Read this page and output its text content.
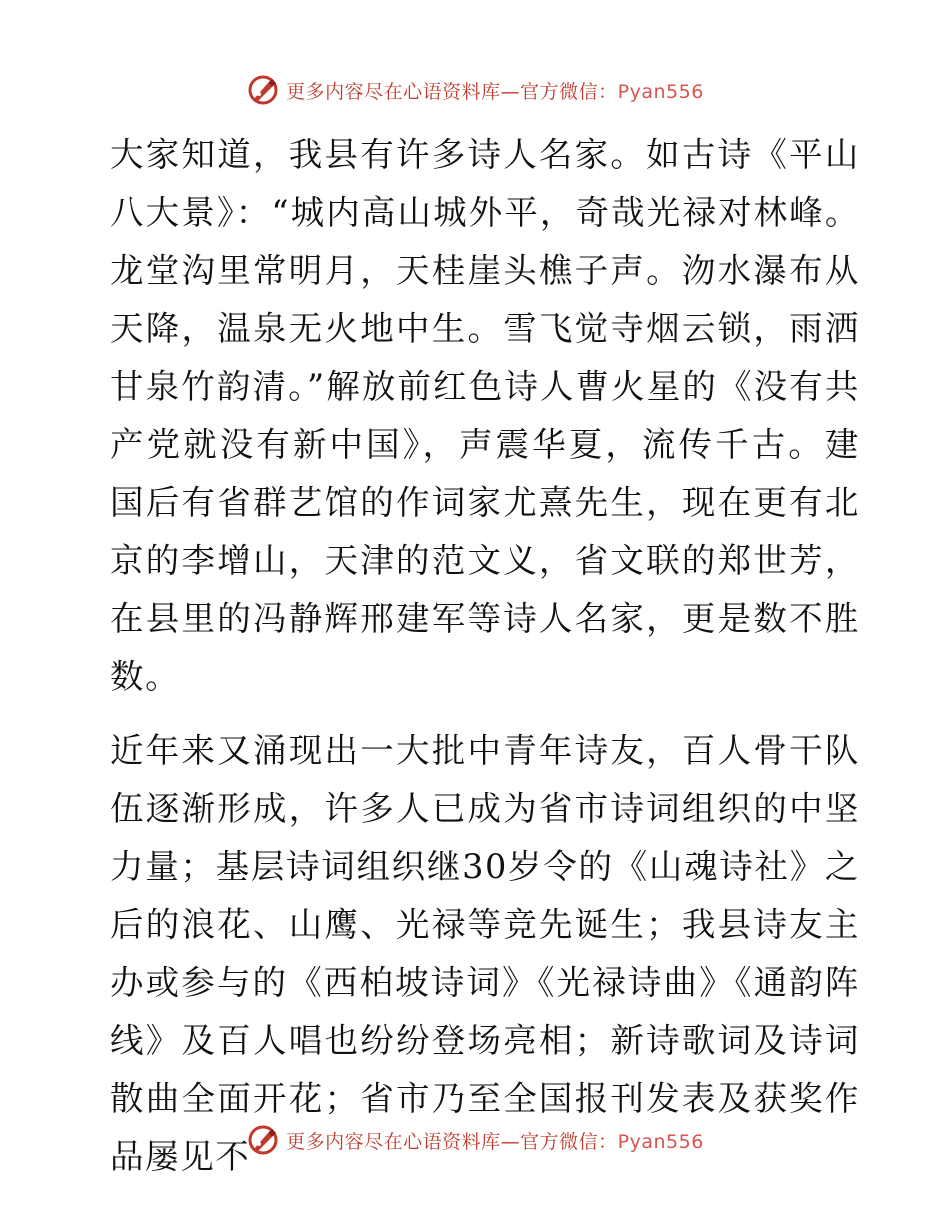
更多内容尽在心语资料库—官方微信：Pyan556

大家知道，我县有许多诗人名家。如古诗《平山八大景》：“城内高山城外平，奇哉光禄对林峰。龙堂沟里常明月，天桂崖头樵子声。沕水瀑布从天降，温泉无火地中生。雪飞觉寺烟云锁，雨洒甘泉竹韵清。”解放前红色诗人曹火星的《没有共产党就没有新中国》，声震华夏，流传千古。建国后有省群艺馆的作词家尤熹先生，现在更有北京的李增山，天津的范文义，省文联的郑世芳，在县里的冯静辉邢建军等诗人名家，更是数不胜数。

近年来又涌现出一大批中青年诗友，百人骨干队伍逐渐形成，许多人已成为省市诗词组织的中坚力量；基层诗词组织继30岁令的《山魂诗社》之后的浪花、山鹰、光禄等竞先诞生；我县诗友主办或参与的《西柏坡诗词》《光禄诗曲》《通韵阵线》及百人唱也纷纷登场亮相；新诗歌词及诗词散曲全面开花；省市乃至全国报刊发表及获奖作品屡见不	更多内容尽在心语资料库—官方微信：Pyan556
